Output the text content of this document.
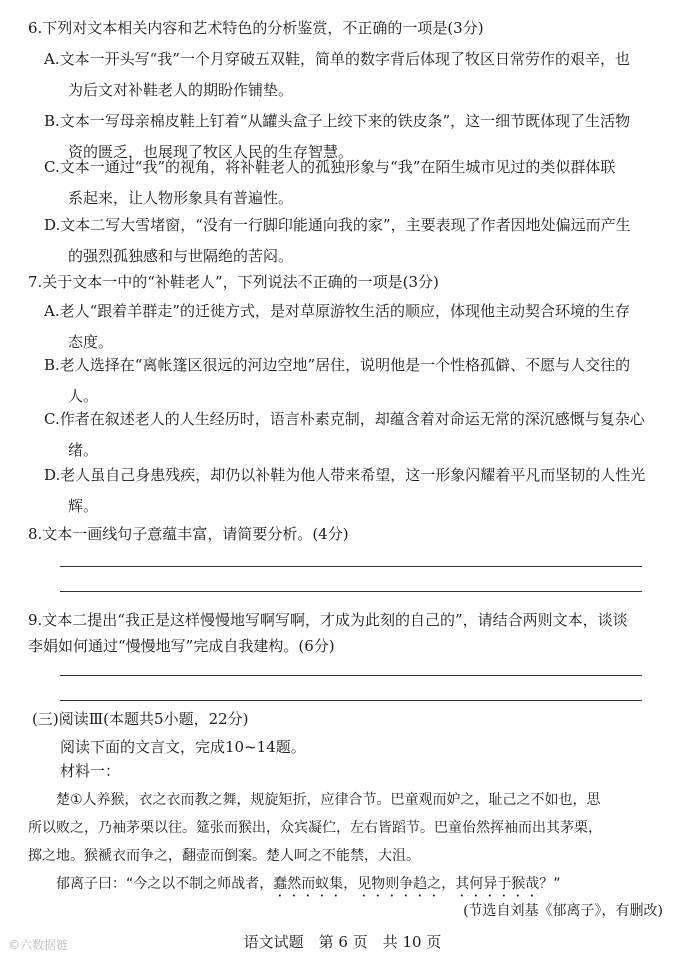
6.下列对文本相关内容和艺术特色的分析鉴赏，不正确的一项是(3分)
A.文本一开头写“我”一个月穿破五双鞋，简单的数字背后体现了牧区日常劳作的艰辛，也
为后文对补鞋老人的期盼作铺垫。
B.文本一写母亲棉皮鞋上钉着“从罐头盒子上绞下来的铁皮条”，这一细节既体现了生活物
资的匮乏，也展现了牧区人民的生存智慧。
C.文本一通过“我”的视角，将补鞋老人的孤独形象与“我”在陌生城市见过的类似群体联
系起来，让人物形象具有普遍性。
D.文本二写大雪堵窗，“没有一行脚印能通向我的家”，主要表现了作者因地处偏远而产生
的强烈孤独感和与世隔绝的苦闷。
7.关于文本一中的“补鞋老人”，下列说法不正确的一项是(3分)
A.老人“跟着羊群走”的迁徙方式，是对草原游牧生活的顺应，体现他主动契合环境的生存
态度。
B.老人选择在“离帐篷区很远的河边空地”居住，说明他是一个性格孤僻、不愿与人交往的
人。
C.作者在叙述老人的人生经历时，语言朴素克制，却蕴含着对命运无常的深沉感慨与复杂心
绪。
D.老人虽自己身患残疾，却仍以补鞋为他人带来希望，这一形象闪耀着平凡而坚韧的人性光
辉。
8.文本一画线句子意蕴丰富，请简要分析。(4分)
9.文本二提出“我正是这样慢慢地写啊写啊，才成为此刻的自己的”，请结合两则文本，谈谈
李娟如何通过“慢慢地写”完成自我建构。(6分)
(三)阅读Ⅲ(本题共5小题，22分)
阅读下面的文言文，完成10~14题。
材料一：
楚①人养猴，衣之衣而教之舞，规旋矩折，应律合节。巴童观而妒之，耻己之不如也，思
所以败之，乃袖茅栗以往。筵张而猴出，众宾凝伫，左右皆蹈节。巴童佁然挥袖而出其茅栗，
掷之地。猴褫衣而争之，翻壶而倒案。楚人呵之不能禁，大沮。
郁离子曰：“今之以不制之师战者，蠢然而蚁集，见物则争趋之，其何异于猴哉？”
(节选自刘基《郁离子》，有删改)
语文试题　第 6 页　共 10 页
©六数据链
